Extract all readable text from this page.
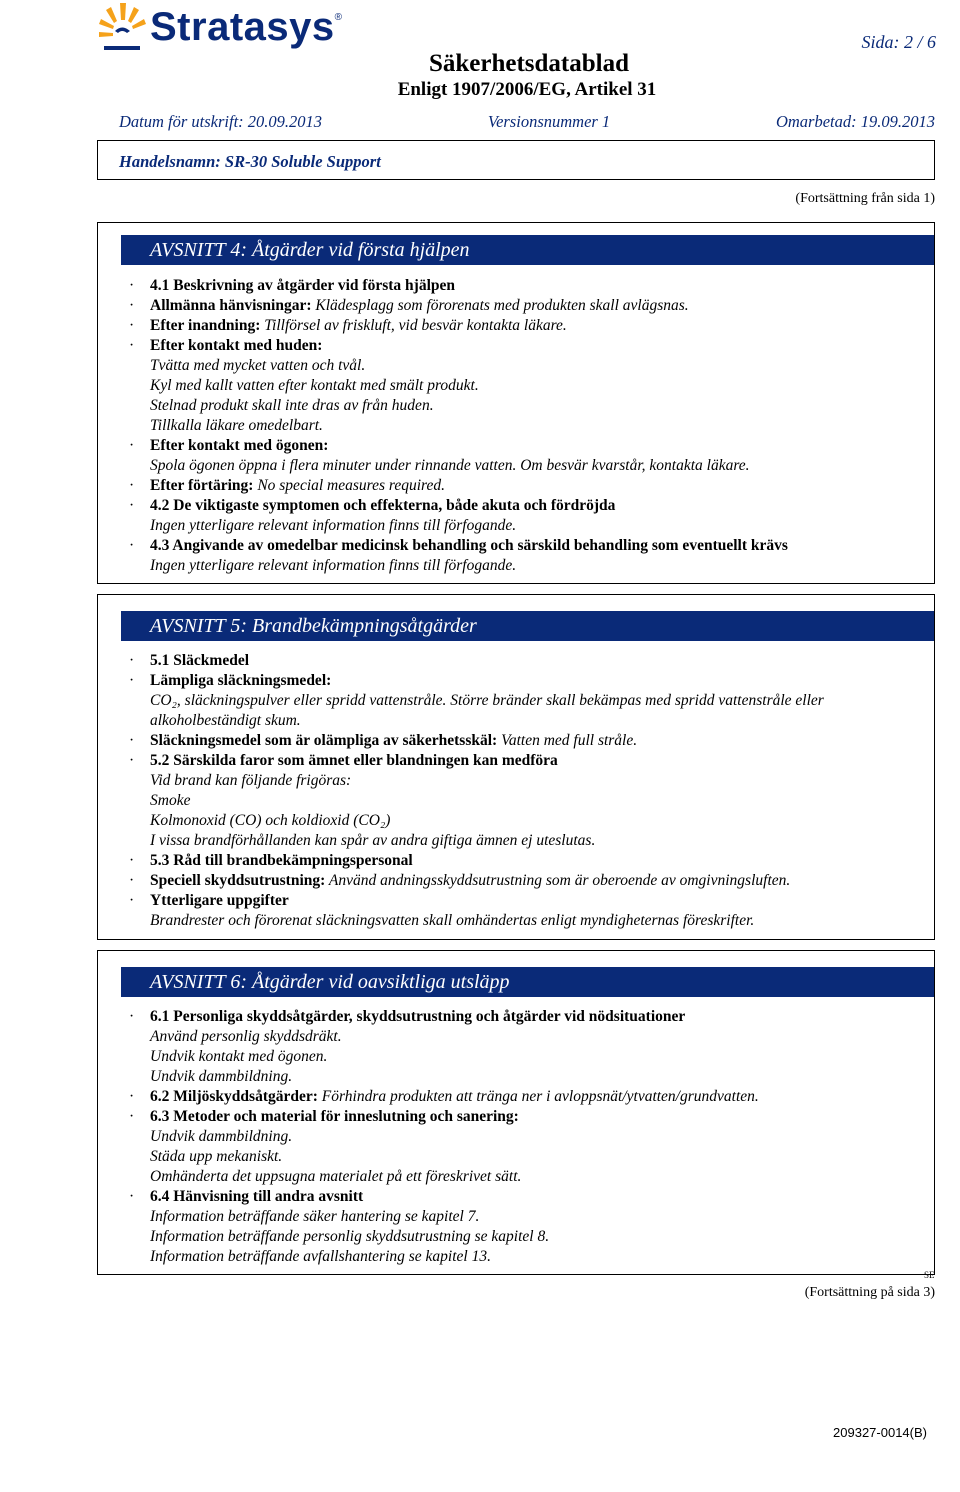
Stratasys®
Sida: 2 / 6
Säkerhetsdatablad
Enligt 1907/2006/EG, Artikel 31
Datum för utskrift: 20.09.2013	Versionsnummer 1	Omarbetad: 19.09.2013
Handelsnamn: SR-30 Soluble Support
(Fortsättning från sida 1)
AVSNITT 4: Åtgärder vid första hjälpen
· 4.1 Beskrivning av åtgärder vid första hjälpen
· Allmänna hänvisningar: Klädesplagg som förorenats med produkten skall avlägsnas.
· Efter inandning: Tillförsel av friskluft, vid besvär kontakta läkare.
· Efter kontakt med huden:
Tvätta med mycket vatten och tvål.
Kyl med kallt vatten efter kontakt med smält produkt.
Stelnad produkt skall inte dras av från huden.
Tillkalla läkare omedelbart.
· Efter kontakt med ögonen:
Spola ögonen öppna i flera minuter under rinnande vatten. Om besvär kvarstår, kontakta läkare.
· Efter förtäring: No special measures required.
· 4.2 De viktigaste symptomen och effekterna, både akuta och fördröjda
Ingen ytterligare relevant information finns till förfogande.
· 4.3 Angivande av omedelbar medicinsk behandling och särskild behandling som eventuellt krävs
Ingen ytterligare relevant information finns till förfogande.
AVSNITT 5: Brandbekämpningsåtgärder
· 5.1 Släckmedel
· Lämpliga släckningsmedel:
CO₂, släckningspulver eller spridd vattenstråle. Större bränder skall bekämpas med spridd vattenstråle eller
alkoholbeständigt skum.
· Släckningsmedel som är olämpliga av säkerhetsskäl: Vatten med full stråle.
· 5.2 Särskilda faror som ämnet eller blandningen kan medföra
Vid brand kan följande frigöras:
Smoke
Kolmonoxid (CO) och koldioxid (CO₂)
I vissa brandförhållanden kan spår av andra giftiga ämnen ej uteslutas.
· 5.3 Råd till brandbekämpningspersonal
· Speciell skyddsutrustning: Använd andningsskyddsutrustning som är oberoende av omgivningsluften.
· Ytterligare uppgifter
Brandrester och förorenat släckningsvatten skall omhändertas enligt myndigheternas föreskrifter.
AVSNITT 6: Åtgärder vid oavsiktliga utsläpp
· 6.1 Personliga skyddsåtgärder, skyddsutrustning och åtgärder vid nödsituationer
Använd personlig skyddsdräkt.
Undvik kontakt med ögonen.
Undvik dammbildning.
· 6.2 Miljöskyddsåtgärder: Förhindra produkten att tränga ner i avloppsnät/ytvatten/grundvatten.
· 6.3 Metoder och material för inneslutning och sanering:
Undvik dammbildning.
Städa upp mekaniskt.
Omhänderta det uppsugna materialet på ett föreskrivet sätt.
· 6.4 Hänvisning till andra avsnitt
Information beträffande säker hantering se kapitel 7.
Information beträffande personlig skyddsutrustning se kapitel 8.
Information beträffande avfallshantering se kapitel 13.
SE
(Fortsättning på sida 3)
209327-0014(B)
